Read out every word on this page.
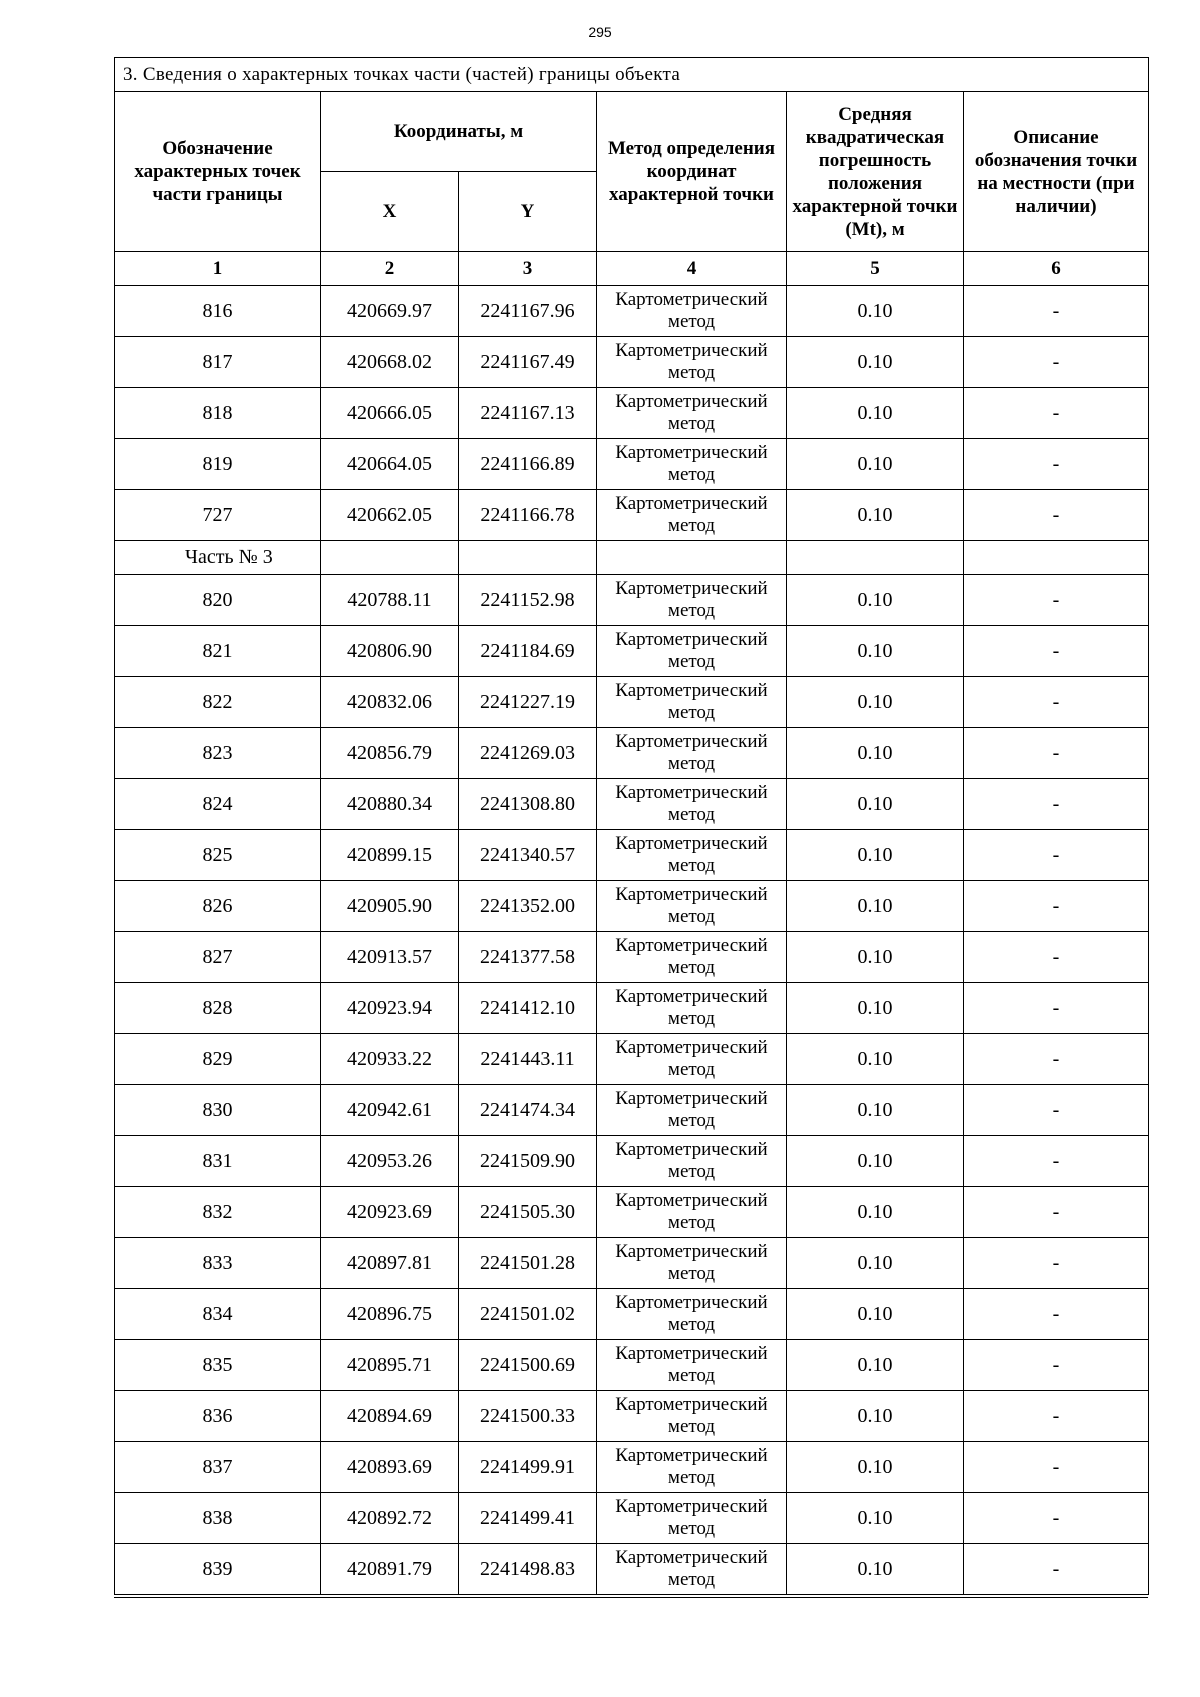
295
3. Сведения о характерных точках части (частей) границы объекта					
Обозначение характерных точек части границы	Координаты, м		Метод определения координат характерной точки	Средняя квадратическая погрешность положения характерной точки (Mt), м	Описание обозначения точки на местности (при наличии)
	X	Y			
1	2	3	4	5	6
816	420669.97	2241167.96	Картометрический метод	0.10	-
817	420668.02	2241167.49	Картометрический метод	0.10	-
818	420666.05	2241167.13	Картометрический метод	0.10	-
819	420664.05	2241166.89	Картометрический метод	0.10	-
727	420662.05	2241166.78	Картометрический метод	0.10	-
Часть № 3					
820	420788.11	2241152.98	Картометрический метод	0.10	-
821	420806.90	2241184.69	Картометрический метод	0.10	-
822	420832.06	2241227.19	Картометрический метод	0.10	-
823	420856.79	2241269.03	Картометрический метод	0.10	-
824	420880.34	2241308.80	Картометрический метод	0.10	-
825	420899.15	2241340.57	Картометрический метод	0.10	-
826	420905.90	2241352.00	Картометрический метод	0.10	-
827	420913.57	2241377.58	Картометрический метод	0.10	-
828	420923.94	2241412.10	Картометрический метод	0.10	-
829	420933.22	2241443.11	Картометрический метод	0.10	-
830	420942.61	2241474.34	Картометрический метод	0.10	-
831	420953.26	2241509.90	Картометрический метод	0.10	-
832	420923.69	2241505.30	Картометрический метод	0.10	-
833	420897.81	2241501.28	Картометрический метод	0.10	-
834	420896.75	2241501.02	Картометрический метод	0.10	-
835	420895.71	2241500.69	Картометрический метод	0.10	-
836	420894.69	2241500.33	Картометрический метод	0.10	-
837	420893.69	2241499.91	Картометрический метод	0.10	-
838	420892.72	2241499.41	Картометрический метод	0.10	-
839	420891.79	2241498.83	Картометрический метод	0.10	-
